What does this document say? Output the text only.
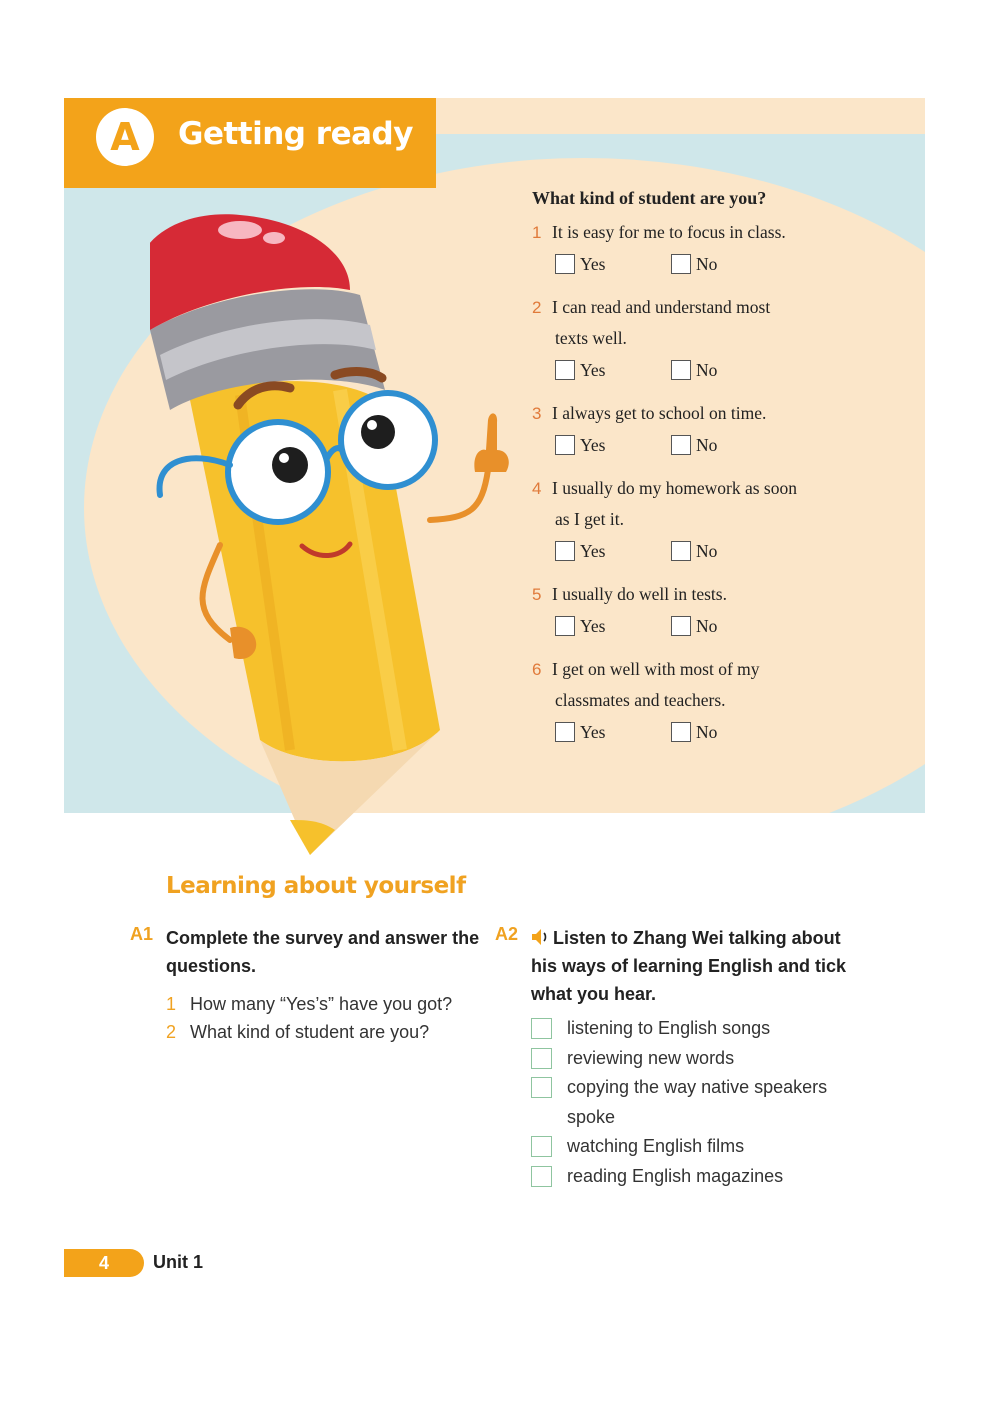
A Getting ready
What kind of student are you?
1 It is easy for me to focus in class.
Yes	No
2 I can read and understand most
texts well.
Yes	No
3 I always get to school on time.
Yes	No
4 I usually do my homework as soon
as I get it.
Yes	No
5 I usually do well in tests.
Yes	No
6 I get on well with most of my
classmates and teachers.
Yes	No
Learning about yourself
A1 Complete the survey and answer the questions.
1 How many “Yes’s” have you got?
2 What kind of student are you?
A2	Listen to Zhang Wei talking about his ways of learning English and tick what you hear.
listening to English songs
reviewing new words
copying the way native speakers spoke
watching English films
reading English magazines
4 Unit 1
